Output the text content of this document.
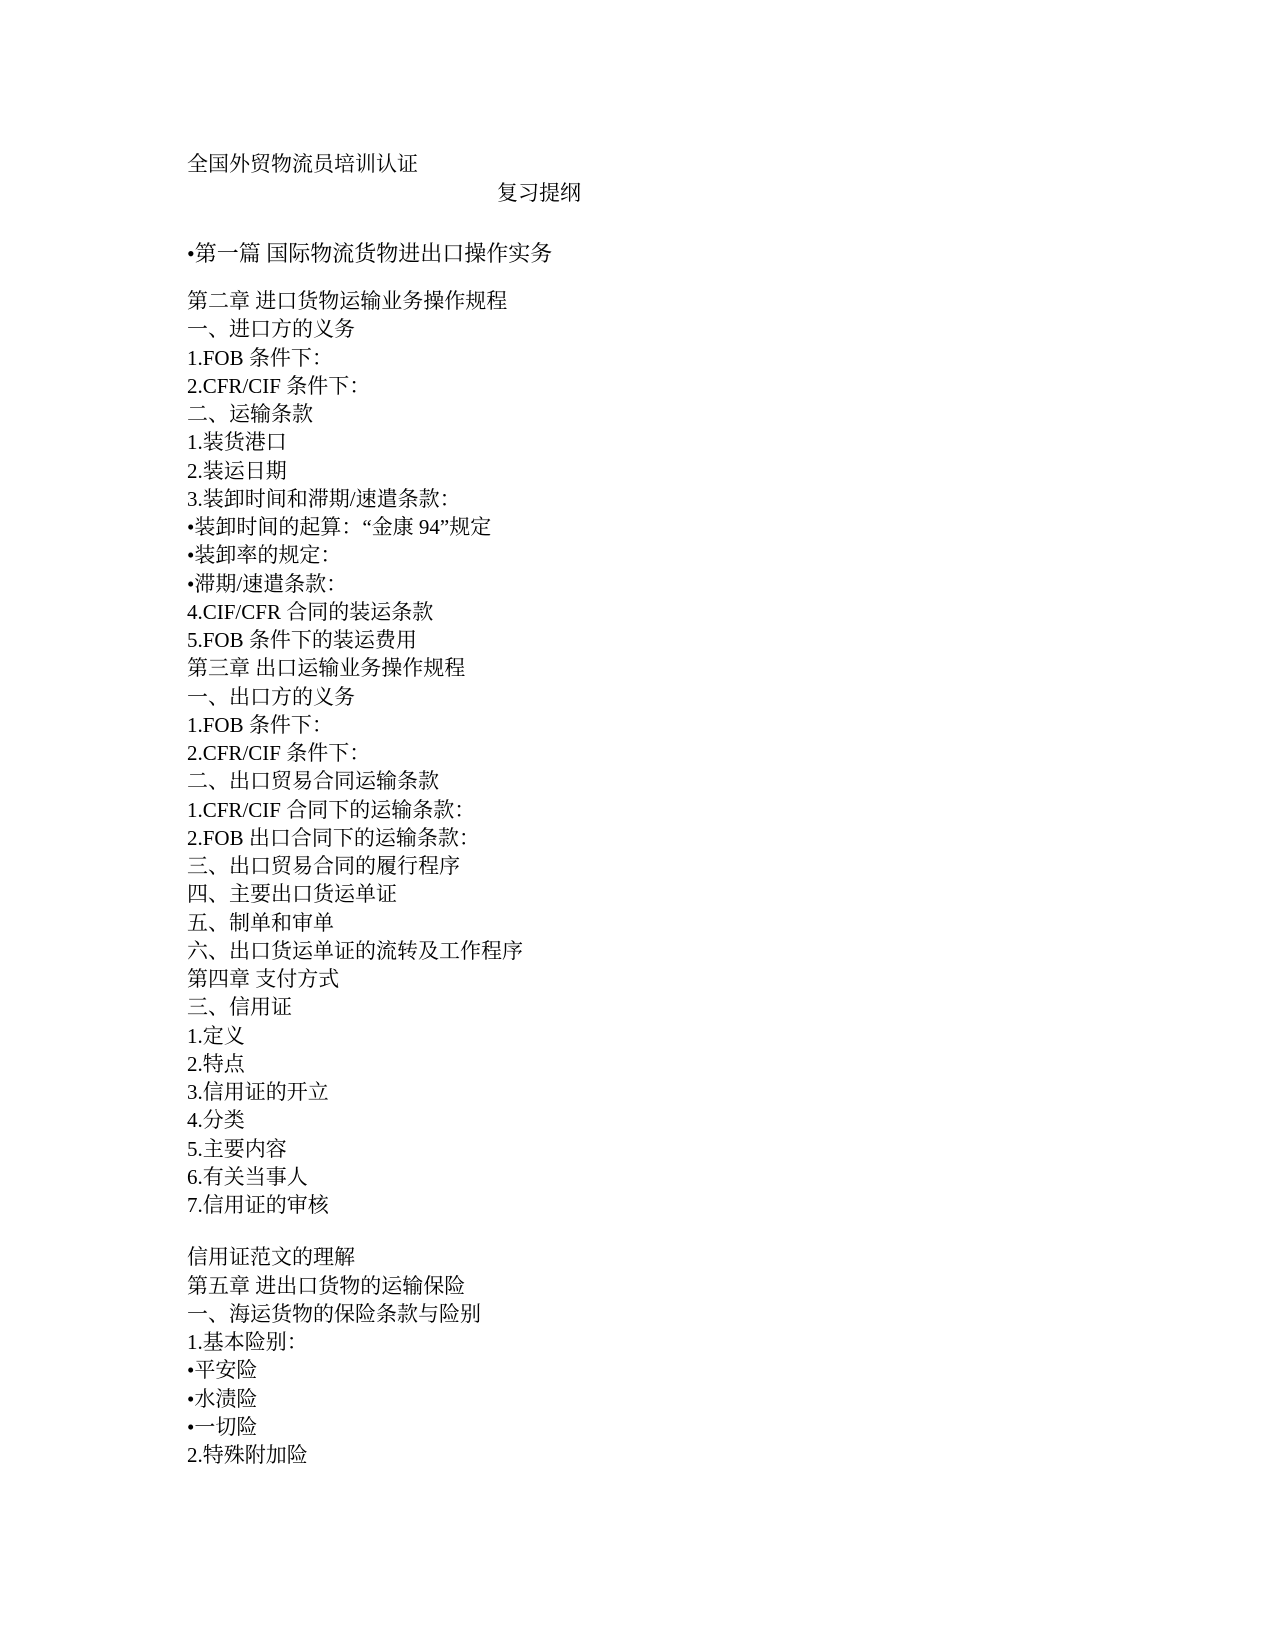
全国外贸物流员培训认证
复习提纲
•第一篇 国际物流货物进出口操作实务
第二章 进口货物运输业务操作规程
一、进口方的义务
1.FOB 条件下：
2.CFR/CIF 条件下：
二、运输条款
1.装货港口
2.装运日期
3.装卸时间和滞期/速遣条款：
•装卸时间的起算：“金康 94”规定
•装卸率的规定：
•滞期/速遣条款：
4.CIF/CFR 合同的装运条款
5.FOB 条件下的装运费用
第三章 出口运输业务操作规程
一、出口方的义务
1.FOB 条件下：
2.CFR/CIF 条件下：
二、出口贸易合同运输条款
1.CFR/CIF 合同下的运输条款：
2.FOB 出口合同下的运输条款：
三、出口贸易合同的履行程序
四、主要出口货运单证
五、制单和审单
六、出口货运单证的流转及工作程序
第四章 支付方式
三、信用证
1.定义
2.特点
3.信用证的开立
4.分类
5.主要内容
6.有关当事人
7.信用证的审核
信用证范文的理解
第五章 进出口货物的运输保险
一、海运货物的保险条款与险别
1.基本险别：
•平安险
•水渍险
•一切险
2.特殊附加险
